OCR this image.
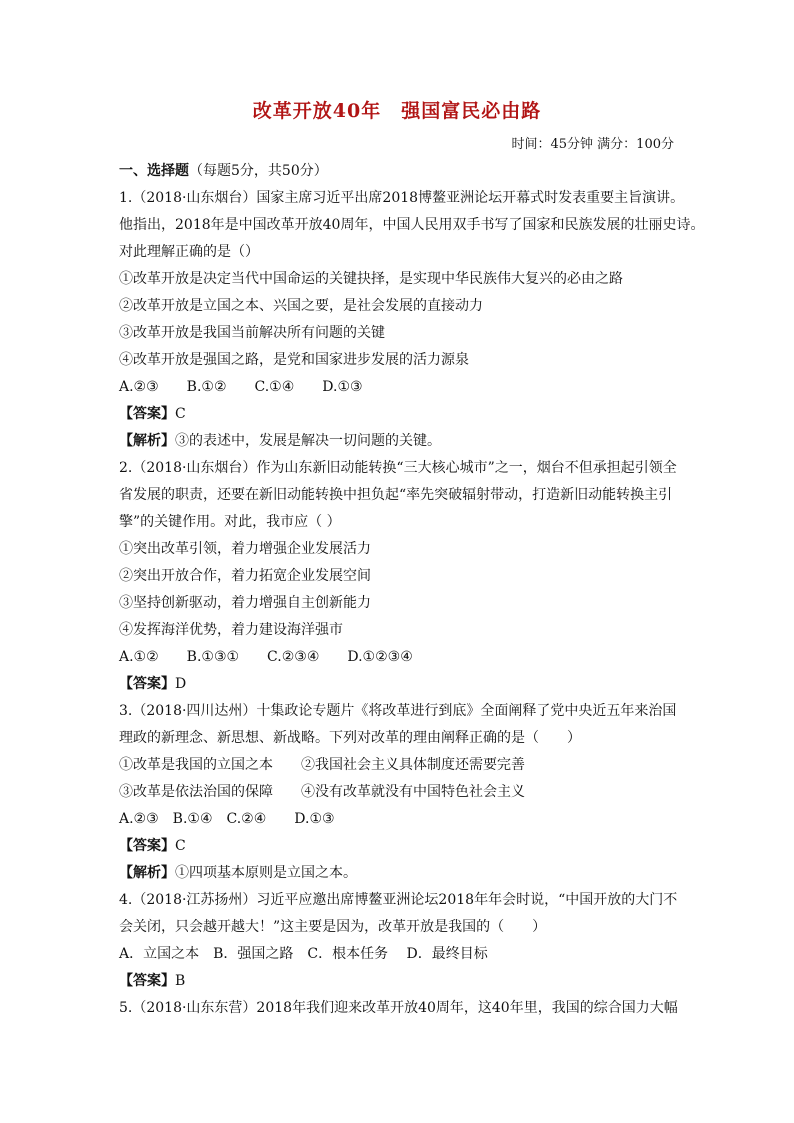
改革开放40年　强国富民必由路
时间：45分钟 满分：100分
一、选择题（每题5分，共50分）
1.（2018·山东烟台）国家主席习近平出席2018博鳌亚洲论坛开幕式时发表重要主旨演讲。
他指出，2018年是中国改革开放40周年，中国人民用双手书写了国家和民族发展的壮丽史诗。
对此理解正确的是（）
①改革开放是决定当代中国命运的关键抉择，是实现中华民族伟大复兴的必由之路
②改革开放是立国之本、兴国之要，是社会发展的直接动力
③改革开放是我国当前解决所有问题的关键
④改革开放是强国之路，是党和国家进步发展的活力源泉
A.②③　　B.①②　　C.①④　　D.①③
【答案】C
【解析】③的表述中，发展是解决一切问题的关键。
2.（2018·山东烟台）作为山东新旧动能转换“三大核心城市”之一，烟台不但承担起引领全
省发展的职责，还要在新旧动能转换中担负起“率先突破辐射带动，打造新旧动能转换主引
擎”的关键作用。对此，我市应（ ）
①突出改革引领，着力增强企业发展活力
②突出开放合作，着力拓宽企业发展空间
③坚持创新驱动，着力增强自主创新能力
④发挥海洋优势，着力建设海洋强市
A.①②　　B.①③①　　C.②③④　　D.①②③④
【答案】D
3.（2018·四川达州）十集政论专题片《将改革进行到底》全面阐释了党中央近五年来治国
理政的新理念、新思想、新战略。下列对改革的理由阐释正确的是（　　）
①改革是我国的立国之本　　②我国社会主义具体制度还需要完善
③改革是依法治国的保障　　④没有改革就没有中国特色社会主义
A.②③　B.①④　C.②④　　D.①③
【答案】C
【解析】①四项基本原则是立国之本。
4.（2018·江苏扬州）习近平应邀出席博鳌亚洲论坛2018年年会时说，“中国开放的大门不
会关闭，只会越开越大！”这主要是因为，改革开放是我国的（　　）
A．立国之本　B．强国之路　C．根本任务　 D．最终目标
【答案】B
5.（2018·山东东营）2018年我们迎来改革开放40周年，这40年里，我国的综合国力大幅
